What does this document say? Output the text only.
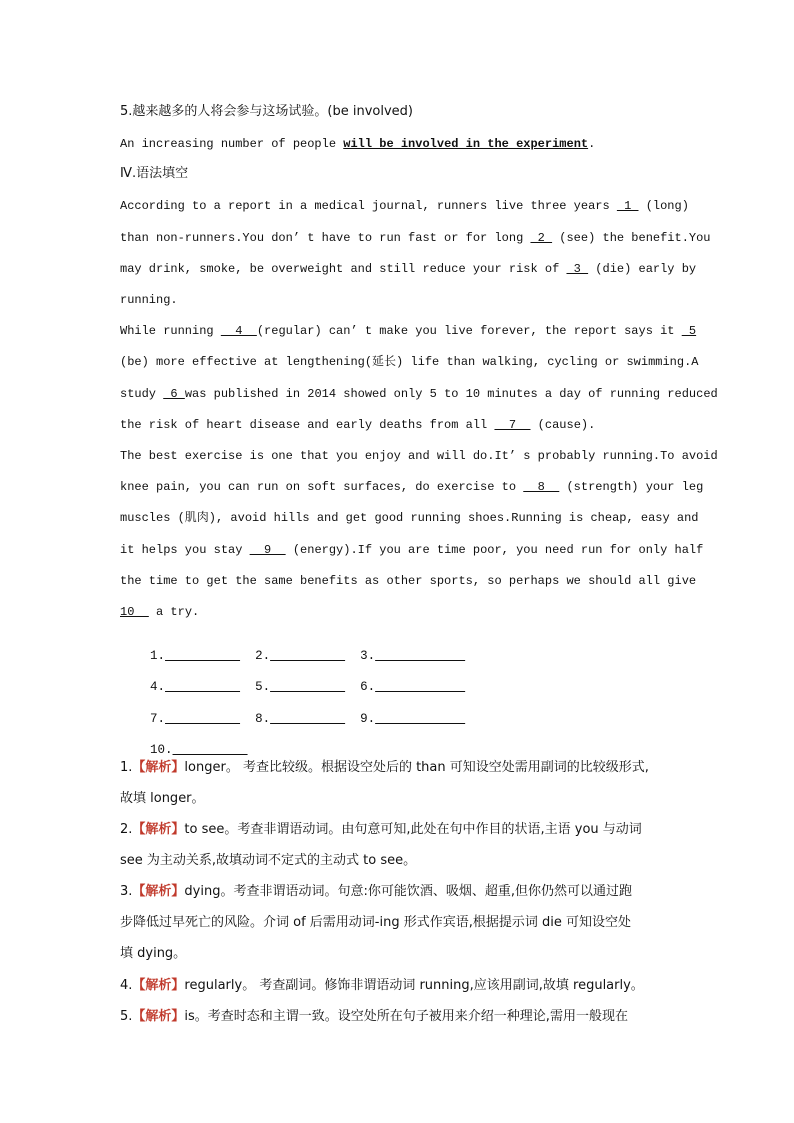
5.越来越多的人将会参与这场试验。(be involved)
An increasing number of people will be involved in the experiment.
Ⅳ.语法填空
According to a report in a medical journal, runners live three years  1  (long)
than non-runners.You don’ t have to run fast or for long  2  (see) the benefit.You
may drink, smoke, be overweight and still reduce your risk of  3  (die) early by
running.
While running   4  (regular) can’ t make you live forever, the report says it  5
(be) more effective at lengthening(延长) life than walking, cycling or swimming.A
study  6 was published in 2014 showed only 5 to 10 minutes a day of running reduced
the risk of heart disease and early deaths from all   7   (cause).
The best exercise is one that you enjoy and will do.It’ s probably running.To avoid
knee pain, you can run on soft surfaces, do exercise to   8   (strength) your leg
muscles (肌肉), avoid hills and get good running shoes.Running is cheap, easy and
it helps you stay   9   (energy).If you are time poor, you need run for only half
the time to get the same benefits as other sports, so perhaps we should all give
10   a try.

1.	2.	3.

4.	5.	6.

7.	8.	9.

10.

1.【解析】longer。 考查比较级。根据设空处后的 than 可知设空处需用副词的比较级形式,
故填 longer。
2.【解析】to see。考查非谓语动词。由句意可知,此处在句中作目的状语,主语 you 与动词
see 为主动关系,故填动词不定式的主动式 to see。
3.【解析】dying。考查非谓语动词。句意:你可能饮酒、吸烟、超重,但你仍然可以通过跑
步降低过早死亡的风险。介词 of 后需用动词-ing 形式作宾语,根据提示词 die 可知设空处
填 dying。
4.【解析】regularly。 考查副词。修饰非谓语动词 running,应该用副词,故填 regularly。
5.【解析】is。考查时态和主谓一致。设空处所在句子被用来介绍一种理论,需用一般现在
